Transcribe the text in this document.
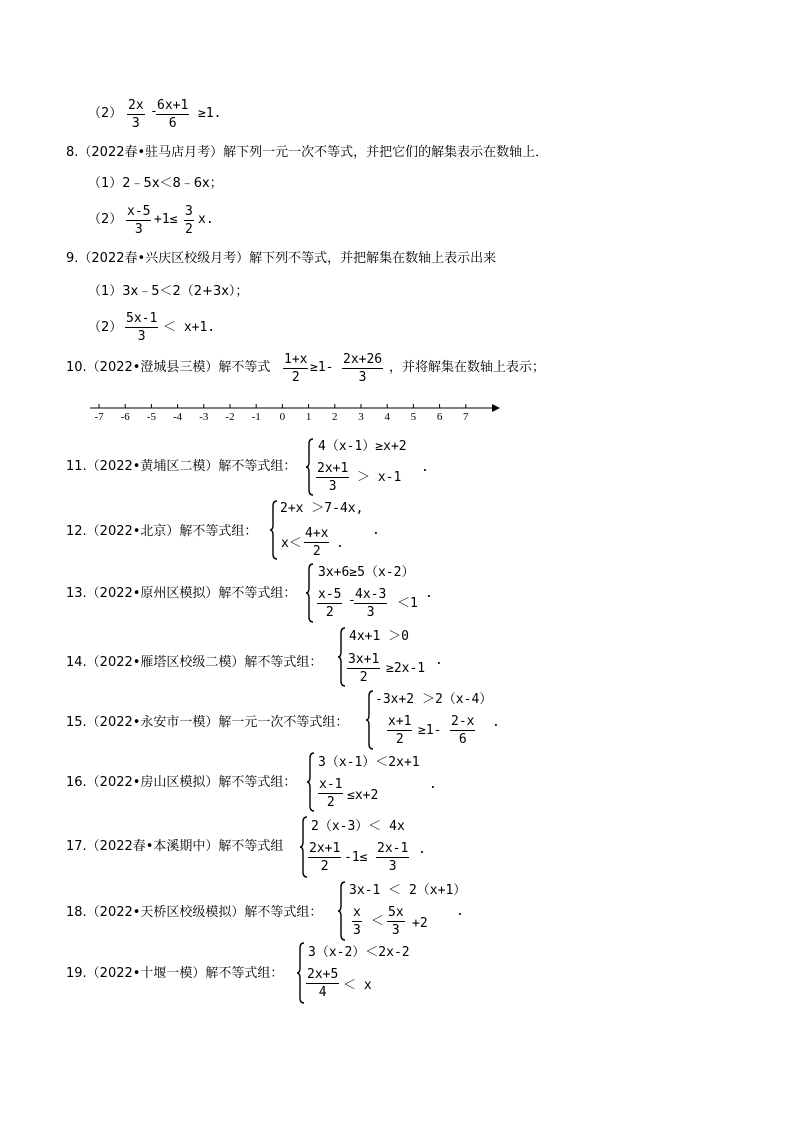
$(2) \frac{2x}{3}$ -
$\frac{6x+1}{6} \ge 1$.
8.（2022春•驻马店月考）解下列一元一次不等式，并把它们的解集表示在数轴上．
（1）2﹣5x＜8﹣6x；
$(2) \frac{x-5}{3} +1\le \frac{3}{2} x$.
9.（2022春•兴庆区校级月考）解下列不等式，并把解集在数轴上表示出来
（1）3x﹣5＜2（2+3x）；
$(2) \frac{5x-1}{3} < x+1$.
10.（2022•澄城县三模）解不等式 $\frac{1+x}{2} \ge 1- \frac{2x+26}{3}$ ，并将解集在数轴上表示；
-7	-6	-5	-4	-3	-2	-1	0	1	2	3	4	5	6	7
11.（2022•黄埔区二模）解不等式组：
4（x-1）≥x+2
$\frac{2x+1}{3} > x-1$
.
12.（2022•北京）解不等式组：
2+x ＞7-4x,
$x< \frac{4+x}{2}$ .
.
13.（2022•原州区模拟）解不等式组：
3x+6≥5（x-2）
$\frac{x-5}{2}$ -
$\frac{4x-3}{3} <1$
.
14.（2022•雁塔区校级二模）解不等式组：
4x+1 ＞0
$\frac{3x+1}{2} \ge 2x-1$
.
15.（2022•永安市一模）解一元一次不等式组：
-3x+2 ＞2（x-4）
$\frac{x+1}{2} \ge 1- \frac{2-x}{6}$ .
16.（2022•房山区模拟）解不等式组：
3（x-1）＜2x+1
$\frac{x-1}{2} \le x+2$
.
17.（2022春•本溪期中）解不等式组
2（x-3）＜ 4x
$\frac{2x+1}{2} -1\le \frac{2x-1}{3}$ .
18.（2022•天桥区校级模拟）解不等式组：
3x-1 ＜ 2（x+1）
$\frac{x}{3} < \frac{5x}{3} +2$
.
19.（2022•十堰一模）解不等式组：
3（x-2）＜2x-2
$\frac{2x+5}{4} < x$
